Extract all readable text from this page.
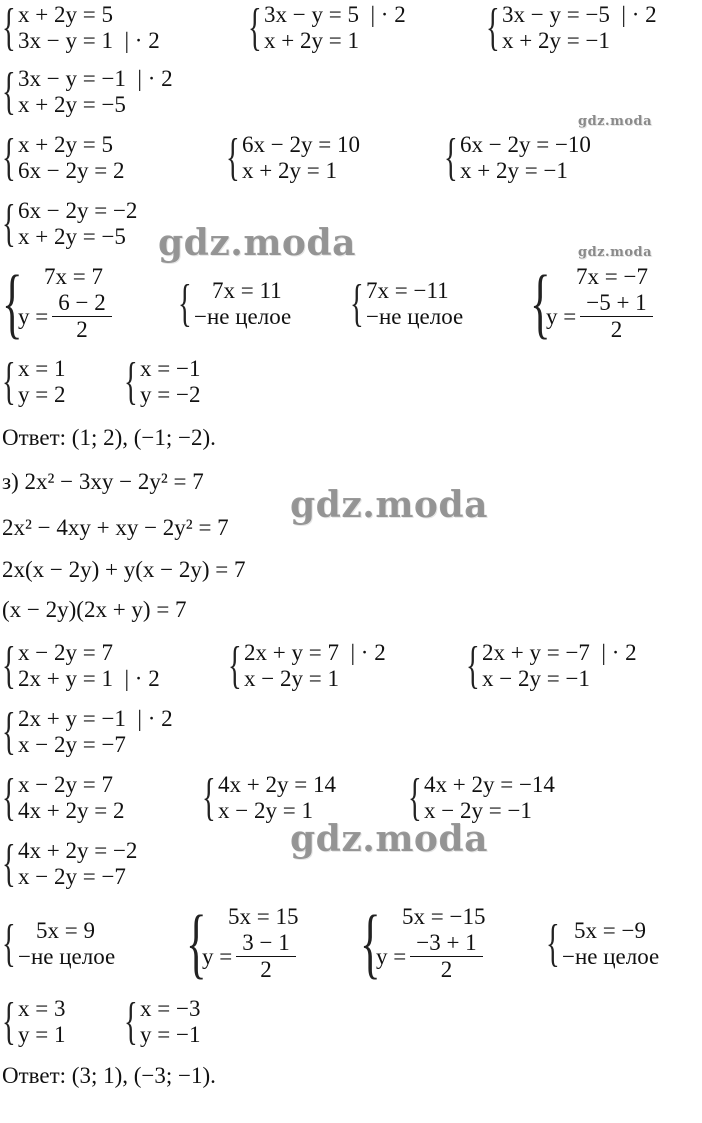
{ x + 2y = 5
3x − y = 1  | · 2 { 3x − y = 5  | · 2
x + 2y = 1	{ 3x − y = −5  | · 2
x + 2y = −1
{ 3x − y = −1  | · 2
x + 2y = −5
gdz.moda
{ x + 2y = 5
6x − 2y = 2 { 6x − 2y = 10
x + 2y = 1	{ 6x − 2y = −10
x + 2y = −1
{ 6x − 2y = −2
x + 2y = −5 gdz.moda	gdz.moda
{ 7x = 7
$y = \frac{6 - 2}{2}$ { 7x = 11
−не целое { 7x = −11
−не целое {	7x = −7
$y = \frac{-5 + 1}{2}$
{ x = 1
y = 2 { x = −1
y = −2
Ответ: (1; 2), (−1; −2).
з) 2x² − 3xy − 2y² = 7
gdz.moda
2x² − 4xy + xy − 2y² = 7
2x(x − 2y) + y(x − 2y) = 7
(x − 2y)(2x + y) = 7
{ x − 2y = 7
2x + y = 1  | · 2 { 2x + y = 7  | · 2
x − 2y = 1	{ 2x + y = −7  | · 2
x − 2y = −1
{ 2x + y = −1  | · 2
x − 2y = −7
{ x − 2y = 7
4x + 2y = 2 { 4x + 2y = 14
x − 2y = 1	{ 4x + 2y = −14
x − 2y = −1
gdz.moda
{ 4x + 2y = −2
x − 2y = −7
{ 5x = 9
−не целое { 5x = 15
$y = \frac{3 - 1}{2}$ { 5x = −15
$y = \frac{-3 + 1}{2}$ { 5x = −9
−не целое
{ x = 3
y = 1 { x = −3
y = −1
Ответ: (3; 1), (−3; −1).
